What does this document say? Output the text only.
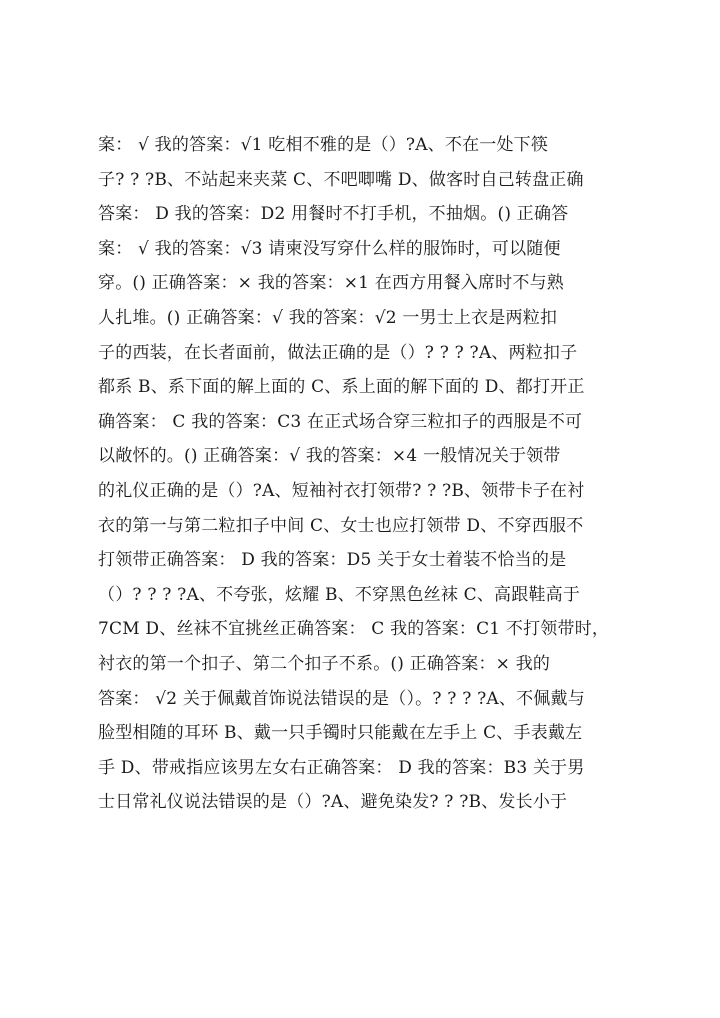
案： √ 我的答案：√1 吃相不雅的是（）?A、不在一处下筷
子? ? ?B、不站起来夹菜 C、不吧唧嘴 D、做客时自己转盘正确
答案： D 我的答案：D2 用餐时不打手机，不抽烟。() 正确答
案： √ 我的答案：√3 请柬没写穿什么样的服饰时，可以随便
穿。() 正确答案：× 我的答案：×1 在西方用餐入席时不与熟
人扎堆。() 正确答案：√ 我的答案：√2 一男士上衣是两粒扣
子的西装，在长者面前，做法正确的是（）? ? ? ?A、两粒扣子
都系 B、系下面的解上面的 C、系上面的解下面的 D、都打开正
确答案： C 我的答案：C3 在正式场合穿三粒扣子的西服是不可
以敞怀的。() 正确答案：√ 我的答案：×4 一般情况关于领带
的礼仪正确的是（）?A、短袖衬衣打领带? ? ?B、领带卡子在衬
衣的第一与第二粒扣子中间 C、女士也应打领带 D、不穿西服不
打领带正确答案： D 我的答案：D5 关于女士着装不恰当的是
（）? ? ? ?A、不夸张，炫耀 B、不穿黑色丝袜 C、高跟鞋高于
7CM D、丝袜不宜挑丝正确答案： C 我的答案：C1 不打领带时，
衬衣的第一个扣子、第二个扣子不系。() 正确答案：× 我的
答案： √2 关于佩戴首饰说法错误的是（）。? ? ? ?A、不佩戴与
脸型相随的耳环 B、戴一只手镯时只能戴在左手上 C、手表戴左
手 D、带戒指应该男左女右正确答案： D 我的答案：B3 关于男
士日常礼仪说法错误的是（）?A、避免染发? ? ?B、发长小于
